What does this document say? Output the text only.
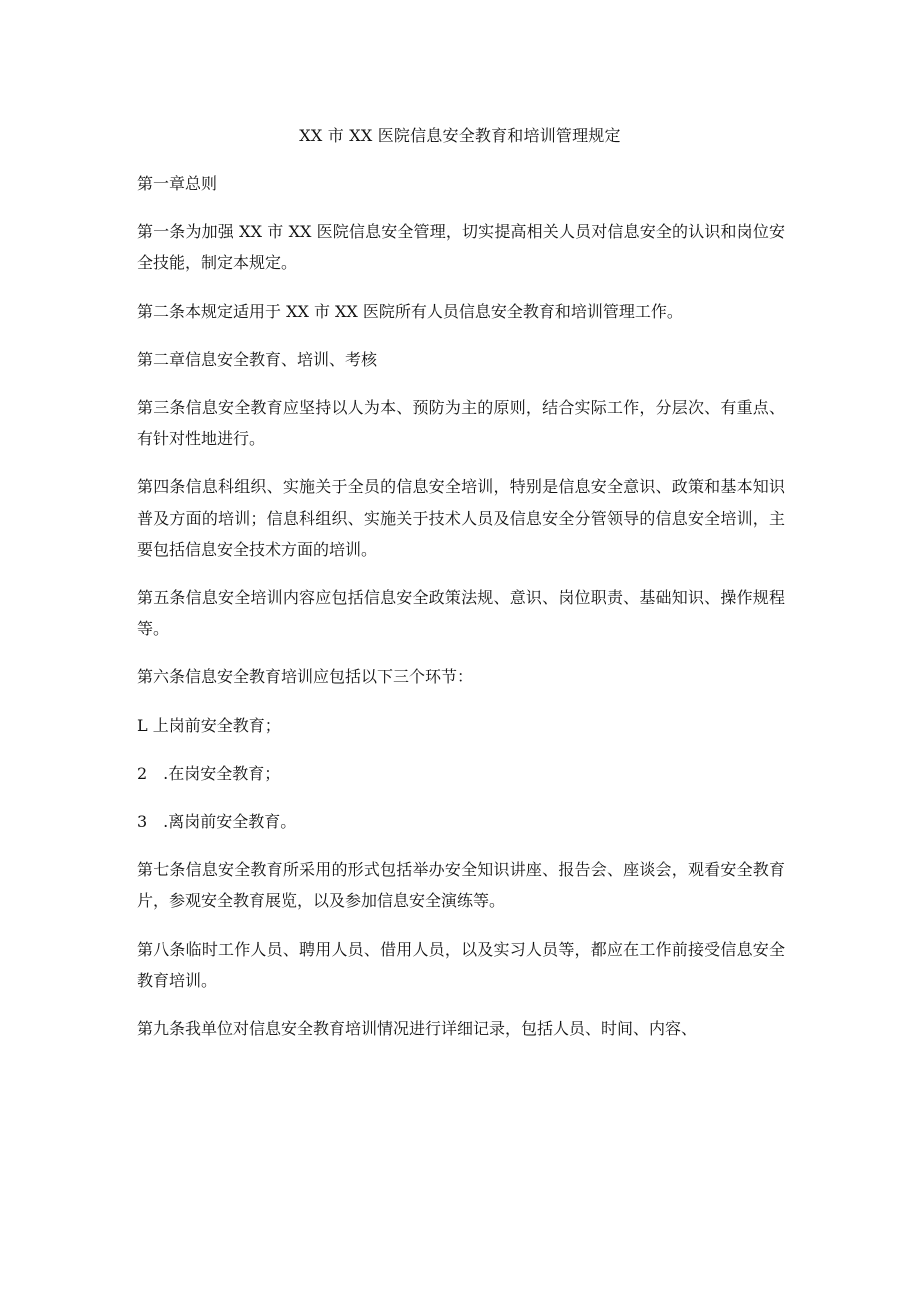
XX 市 XX 医院信息安全教育和培训管理规定

第一章总则

第一条为加强 XX 市 XX 医院信息安全管理，切实提高相关人员对信息安全的认识和岗位安全技能，制定本规定。

第二条本规定适用于 XX 市 XX 医院所有人员信息安全教育和培训管理工作。

第二章信息安全教育、培训、考核

第三条信息安全教育应坚持以人为本、预防为主的原则，结合实际工作，分层次、有重点、有针对性地进行。

第四条信息科组织、实施关于全员的信息安全培训，特别是信息安全意识、政策和基本知识普及方面的培训；信息科组织、实施关于技术人员及信息安全分管领导的信息安全培训，主要包括信息安全技术方面的培训。

第五条信息安全培训内容应包括信息安全政策法规、意识、岗位职责、基础知识、操作规程等。

第六条信息安全教育培训应包括以下三个环节：

L 上岗前安全教育；

2　.在岗安全教育；

3　.离岗前安全教育。

第七条信息安全教育所采用的形式包括举办安全知识讲座、报告会、座谈会，观看安全教育片，参观安全教育展览，以及参加信息安全演练等。

第八条临时工作人员、聘用人员、借用人员，以及实习人员等，都应在工作前接受信息安全教育培训。

第九条我单位对信息安全教育培训情况进行详细记录，包括人员、时间、内容、
